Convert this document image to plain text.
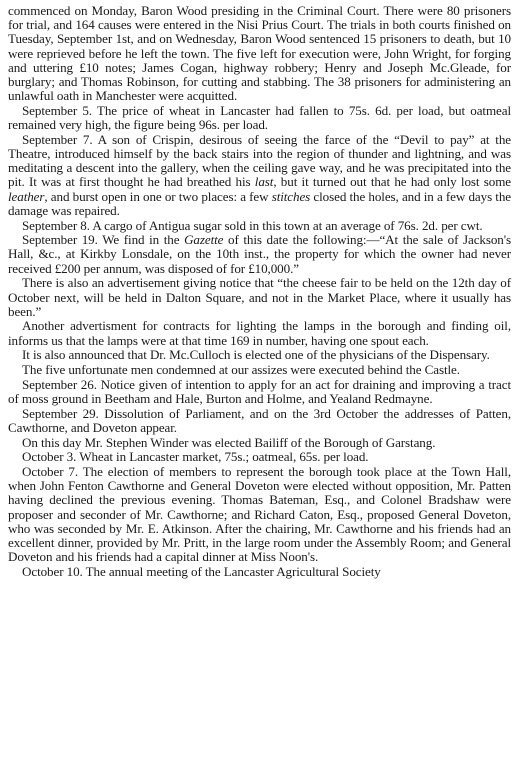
commenced on Monday, Baron Wood presiding in the Criminal Court. There were 80 prisoners for trial, and 164 causes were entered in the Nisi Prius Court. The trials in both courts finished on Tuesday, September 1st, and on Wednesday, Baron Wood sentenced 15 prisoners to death, but 10 were reprieved before he left the town. The five left for execution were, John Wright, for forging and uttering £10 notes; James Cogan, highway robbery; Henry and Joseph Mc.Gleade, for burglary; and Thomas Robinson, for cutting and stabbing. The 38 prisoners for administering an unlawful oath in Manchester were acquitted.

September 5. The price of wheat in Lancaster had fallen to 75s. 6d. per load, but oatmeal remained very high, the figure being 96s. per load.

September 7. A son of Crispin, desirous of seeing the farce of the “Devil to pay” at the Theatre, introduced himself by the back stairs into the region of thunder and lightning, and was meditating a descent into the gallery, when the ceiling gave way, and he was precipitated into the pit. It was at first thought he had breathed his last, but it turned out that he had only lost some leather, and burst open in one or two places: a few stitches closed the holes, and in a few days the damage was repaired.

September 8. A cargo of Antigua sugar sold in this town at an average of 76s. 2d. per cwt.

September 19. We find in the Gazette of this date the following:—“At the sale of Jackson's Hall, &c., at Kirkby Lonsdale, on the 10th inst., the property for which the owner had never received £200 per annum, was disposed of for £10,000.”

There is also an advertisement giving notice that “the cheese fair to be held on the 12th day of October next, will be held in Dalton Square, and not in the Market Place, where it usually has been.”

Another advertisment for contracts for lighting the lamps in the borough and finding oil, informs us that the lamps were at that time 169 in number, having one spout each.

It is also announced that Dr. Mc.Culloch is elected one of the physicians of the Dispensary.

The five unfortunate men condemned at our assizes were executed behind the Castle.

September 26. Notice given of intention to apply for an act for draining and improving a tract of moss ground in Beetham and Hale, Burton and Holme, and Yealand Redmayne.

September 29. Dissolution of Parliament, and on the 3rd October the addresses of Patten, Cawthorne, and Doveton appear.

On this day Mr. Stephen Winder was elected Bailiff of the Borough of Garstang.

October 3. Wheat in Lancaster market, 75s.; oatmeal, 65s. per load.

October 7. The election of members to represent the borough took place at the Town Hall, when John Fenton Cawthorne and General Doveton were elected without opposition, Mr. Patten having declined the previous evening. Thomas Bateman, Esq., and Colonel Bradshaw were proposer and seconder of Mr. Cawthorne; and Richard Caton, Esq., proposed General Doveton, who was seconded by Mr. E. Atkinson. After the chairing, Mr. Cawthorne and his friends had an excellent dinner, provided by Mr. Pritt, in the large room under the Assembly Room; and General Doveton and his friends had a capital dinner at Miss Noon's.

October 10. The annual meeting of the Lancaster Agricultural Society
